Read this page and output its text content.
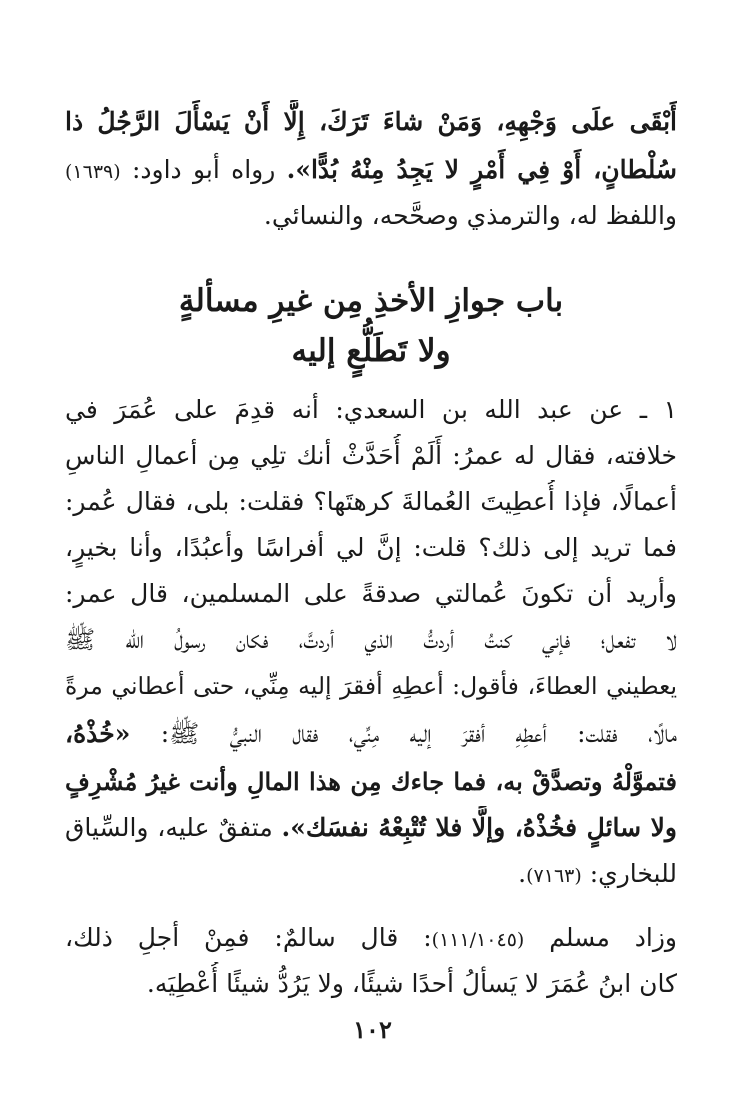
أَبْقَى علَى وَجْهِهِ، وَمَنْ شاءَ تَرَكَ، إِلَّا أَنْ يَسْأَلَ الرَّجُلُ ذا
سُلْطانٍ، أَوْ فِي أَمْرٍ لا يَجِدُ مِنْهُ بُدًّا». رواه أبو داود: (١٦٣٩)
واللفظ له، والترمذي وصحَّحه، والنسائي.
باب جوازِ الأخذِ مِن غيرِ مسألةٍ
ولا تَطَلُّعٍ إليه
١ ـ عن عبد الله بن السعدي: أنه قدِمَ على عُمَرَ في
خلافته، فقال له عمرُ: أَلَمْ أُحَدَّثْ أنك تلِي مِن أعمالِ الناسِ
أعمالًا، فإذا أُعطِيتَ العُمالةَ كرهتَها؟ فقلت: بلى، فقال عُمر:
فما تريد إلى ذلك؟ قلت: إنَّ لي أفراسًا وأعبُدًا، وأنا بخيرٍ،
وأريد أن تكونَ عُمالتي صدقةً على المسلمين، قال عمر:
لا تفعل؛ فإني كنتُ أردتُّ الذي أردتَّ، فكان رسولُ الله ﷺ
يعطيني العطاءَ، فأقول: أعطِهِ أفقرَ إليه مِنِّي، حتى أعطاني مرةً
مالًا، فقلت: أعطِهِ أفقرَ إليه مِنِّي، فقال النبيُّ ﷺ: «خُذْهُ،
فتموَّلْهُ وتصدَّقْ به، فما جاءك مِن هذا المالِ وأنت غيرُ مُشْرِفٍ
ولا سائلٍ فخُذْهُ، وإلَّا فلا تُتْبِعْهُ نفسَك». متفقٌ عليه، والسِّياق
للبخاري: (٧١٦٣).
وزاد مسلم (١١١/١٠٤٥): قال سالمٌ: فمِنْ أجلِ ذلك،
كان ابنُ عُمَرَ لا يَسألُ أحدًا شيئًا، ولا يَرُدُّ شيئًا أُعْطِيَه.
١٠٢
